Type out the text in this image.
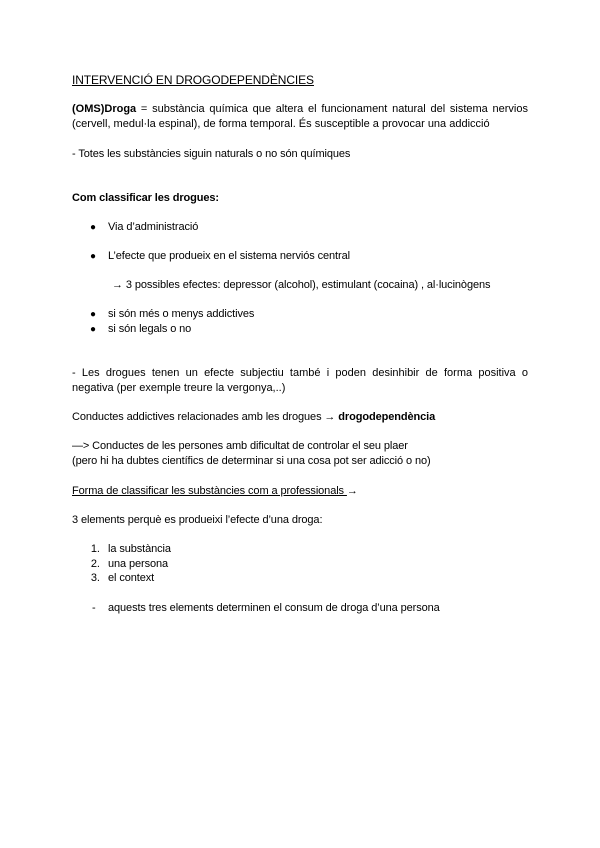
INTERVENCIÓ EN DROGODEPENDÈNCIES
(OMS)Droga = substància química que altera el funcionament natural del sistema nervios (cervell, medul·la espinal), de forma temporal. És susceptible a provocar una addicció
- Totes les substàncies siguin naturals o no són químiques
Com classificar les drogues:
● Via d’administració
● L’efecte que produeix en el sistema nerviós central
→ 3 possibles efectes: depressor (alcohol), estimulant (cocaina) , al·lucinògens
● si són més o menys addictives
● si són legals o no
- Les drogues tenen un efecte subjectiu també i poden desinhibir de forma positiva o negativa (per exemple treure la vergonya,..)
Conductes addictives relacionades amb les drogues → drogodependència
—> Conductes de les persones amb dificultat de controlar el seu plaer
(pero hi ha dubtes científics de determinar si una cosa pot ser adicció o no)
Forma de classificar les substàncies com a professionals →
3 elements perquè es produeixi l’efecte d’una droga:
1. la substància
2. una persona
3. el context
- aquests tres elements determinen el consum de droga d’una persona
